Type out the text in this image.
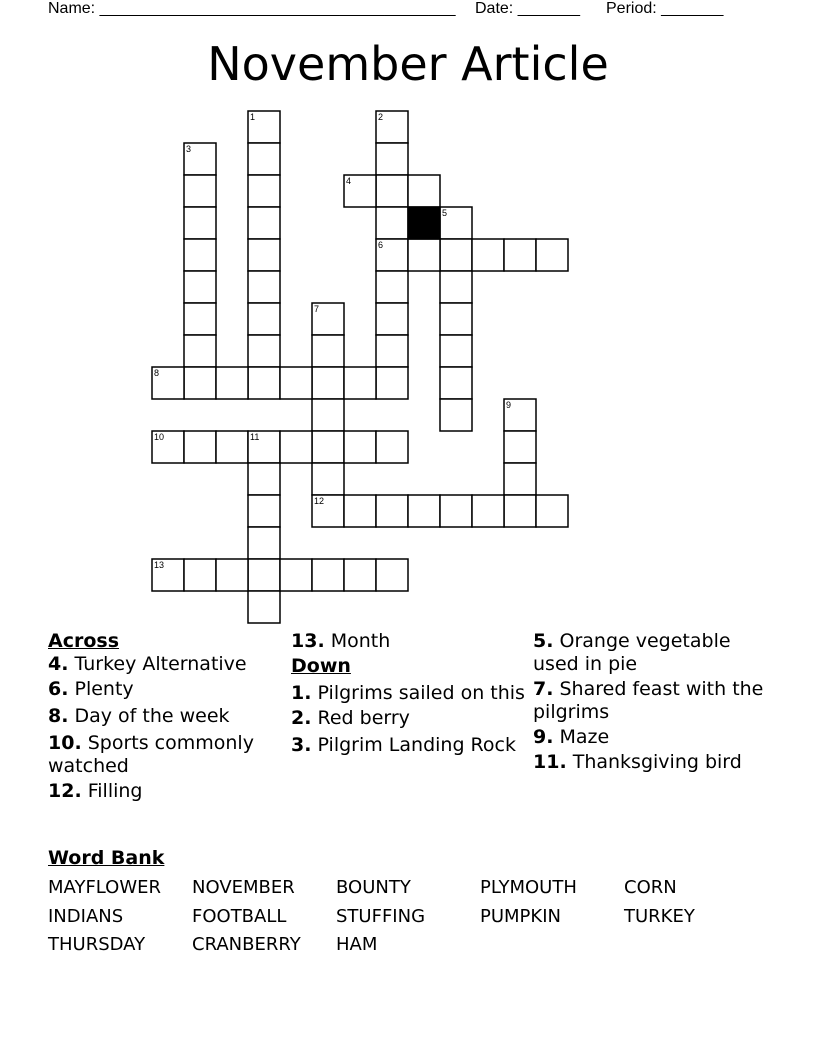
Name: ________________________________________ Date: _______ Period: _______
November Article
1	2
3
4
5
6
7
8
9
10	11
12
13
Across
4. Turkey Alternative
6. Plenty
8. Day of the week
10. Sports commonly watched
12. Filling
13. Month
Down
1. Pilgrims sailed on this
2. Red berry
3. Pilgrim Landing Rock
5. Orange vegetable used in pie
7. Shared feast with the pilgrims
9. Maze
11. Thanksgiving bird
Word Bank
MAYFLOWER	NOVEMBER	BOUNTY	PLYMOUTH	CORN
INDIANS	FOOTBALL	STUFFING	PUMPKIN	TURKEY
THURSDAY	CRANBERRY	HAM
